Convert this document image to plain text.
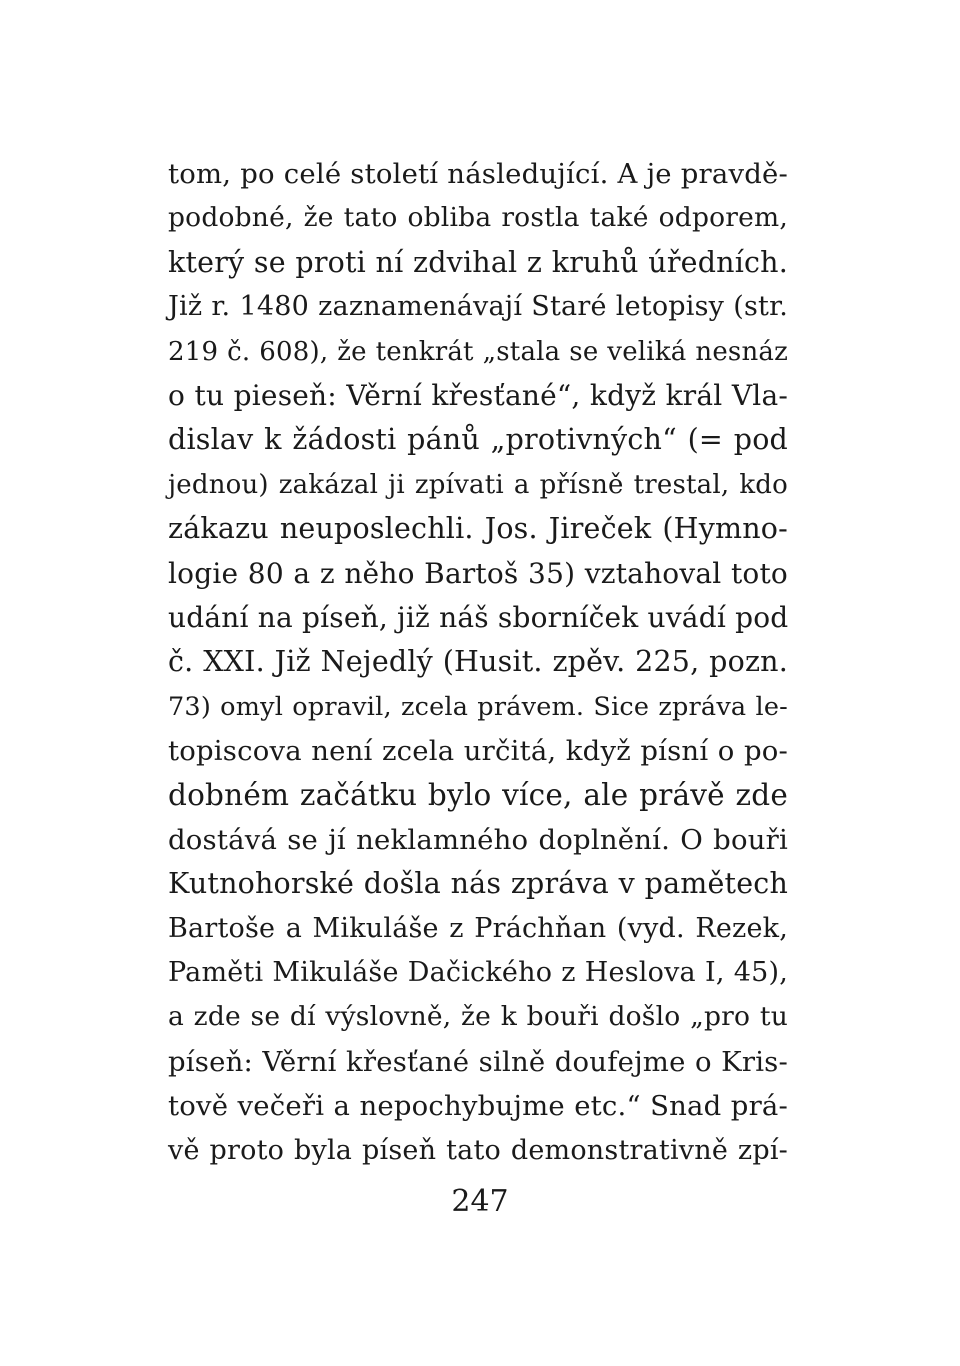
tom, po celé století následující. A je pravdě-
podobné, že tato obliba rostla také odporem,
který se proti ní zdvihal z kruhů úředních.
Již r. 1480 zaznamenávají Staré letopisy (str.
219 č. 608), že tenkrát „stala se veliká nesnáz
o tu pieseň: Věrní křesťané“, když král Vla-
dislav k žádosti pánů „protivných“ (= pod
jednou) zakázal ji zpívati a přísně trestal, kdo
zákazu neuposlechli. Jos. Jireček (Hymno-
logie 80 a z něho Bartoš 35) vztahoval toto
udání na píseň, již náš sborníček uvádí pod
č. XXI. Již Nejedlý (Husit. zpěv. 225, pozn.
73) omyl opravil, zcela právem. Sice zpráva le-
topiscova není zcela určitá, když písní o po-
dobném začátku bylo více, ale právě zde
dostává se jí neklamného doplnění. O bouři
Kutnohorské došla nás zpráva v pamětech
Bartoše a Mikuláše z Práchňan (vyd. Rezek,
Paměti Mikuláše Dačického z Heslova I, 45),
a zde se dí výslovně, že k bouři došlo „pro tu
píseň: Věrní křesťané silně doufejme o Kris-
tově večeři a nepochybujme etc.“ Snad prá-
vě proto byla píseň tato demonstrativně zpí-
247
